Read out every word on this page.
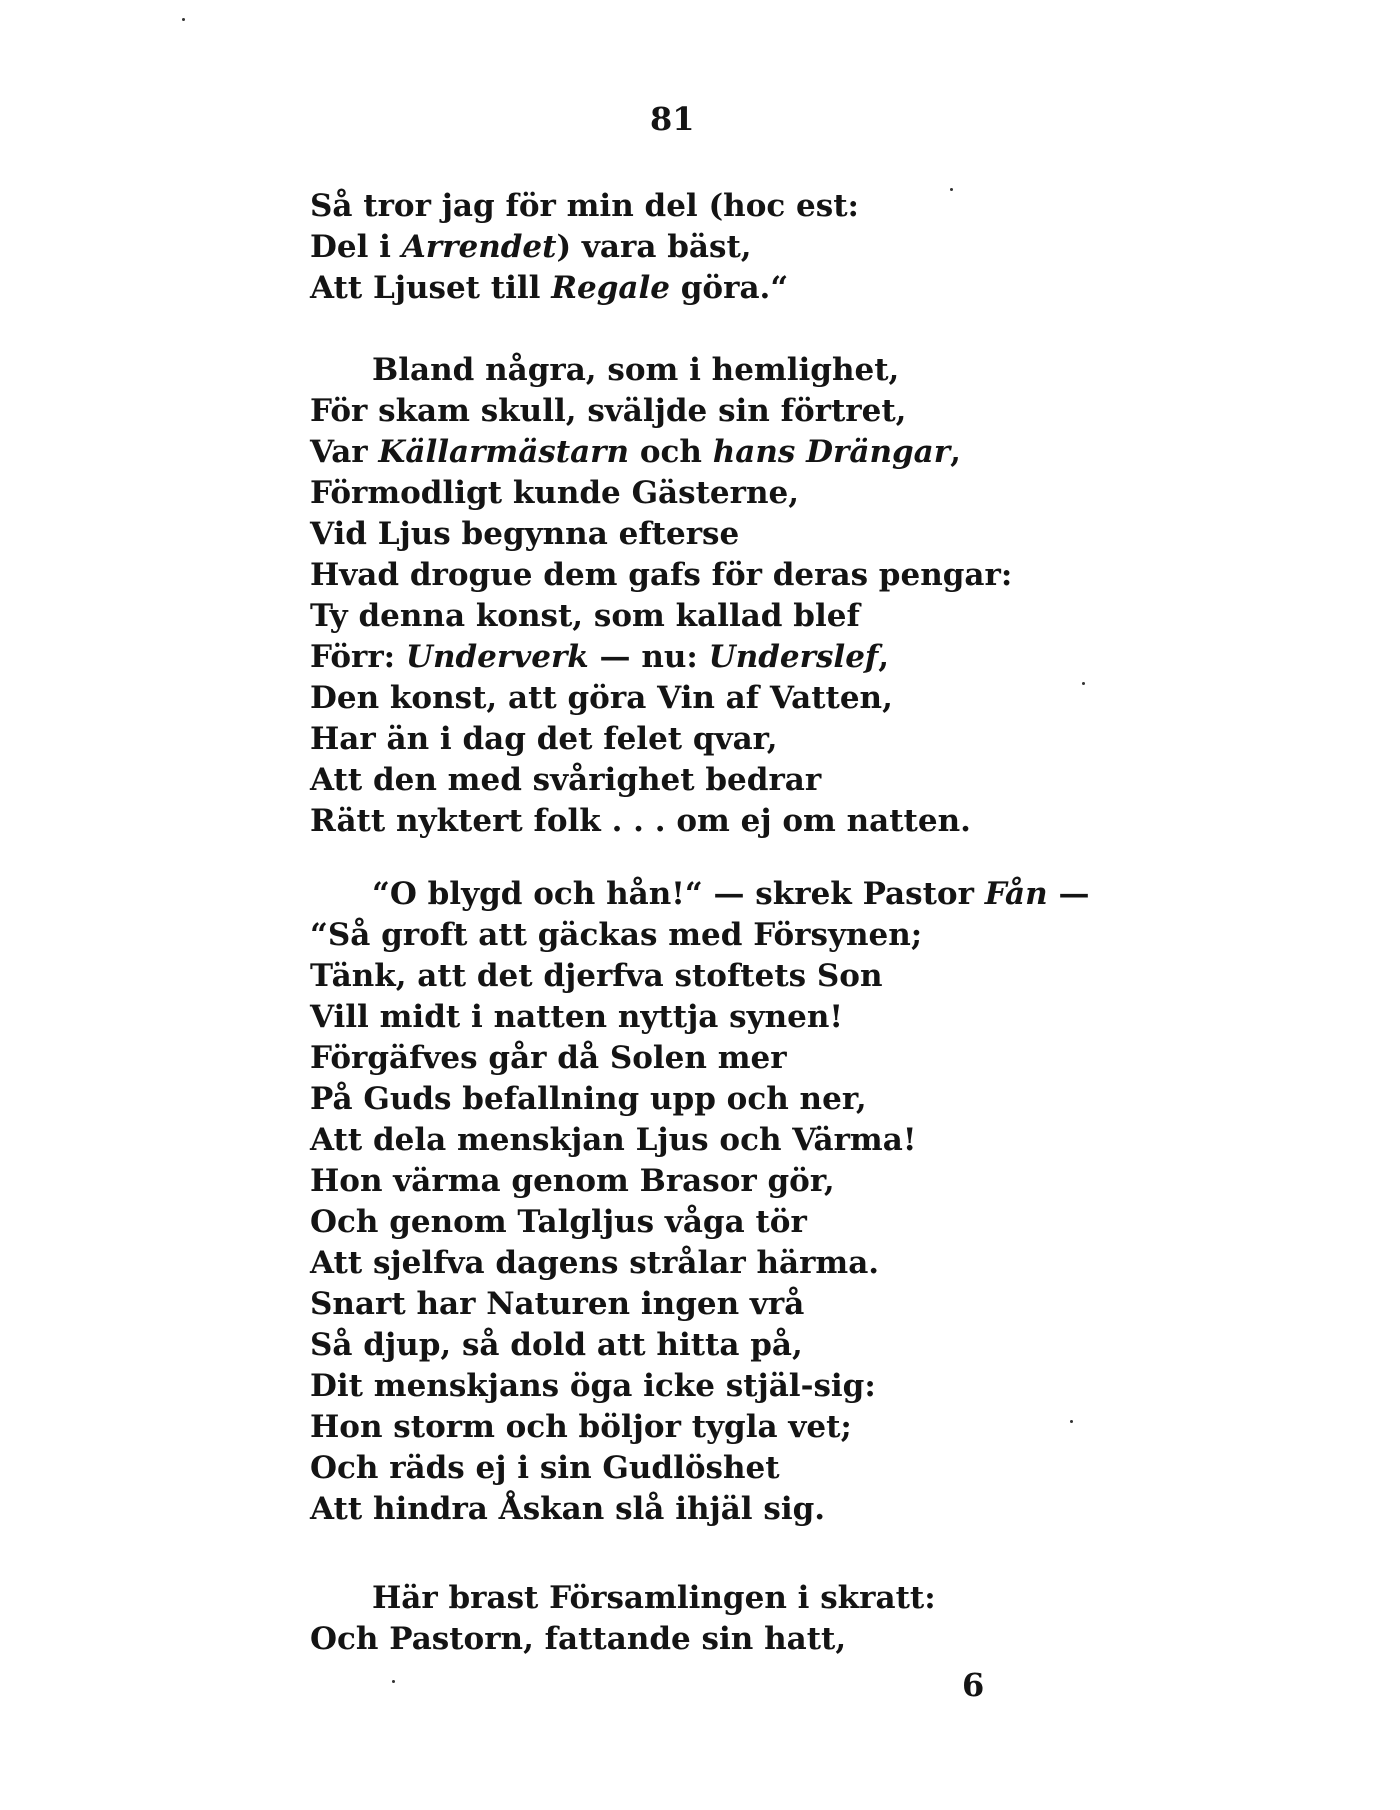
81
Så tror jag för min del (hoc est:
Del i Arrendet) vara bäst,
Att Ljuset till Regale göra.“
Bland några, som i hemlighet,
För skam skull, sväljde sin förtret,
Var Källarmästarn och hans Drängar,
Förmodligt kunde Gästerne,
Vid Ljus begynna efterse
Hvad drogue dem gafs för deras pengar:
Ty denna konst, som kallad blef
Förr: Underverk — nu: Underslef,
Den konst, att göra Vin af Vatten,
Har än i dag det felet qvar,
Att den med svårighet bedrar
Rätt nyktert folk . . . om ej om natten.
“O blygd och hån!“ — skrek Pastor Fån —
“Så groft att gäckas med Försynen;
Tänk, att det djerfva stoftets Son
Vill midt i natten nyttja synen!
Förgäfves går då Solen mer
På Guds befallning upp och ner,
Att dela menskjan Ljus och Värma!
Hon värma genom Brasor gör,
Och genom Talgljus våga tör
Att sjelfva dagens strålar härma.
Snart har Naturen ingen vrå
Så djup, så dold att hitta på,
Dit menskjans öga icke stjäl-sig:
Hon storm och böljor tygla vet;
Och räds ej i sin Gudlöshet
Att hindra Åskan slå ihjäl sig.
Här brast Församlingen i skratt:
Och Pastorn, fattande sin hatt,
6
